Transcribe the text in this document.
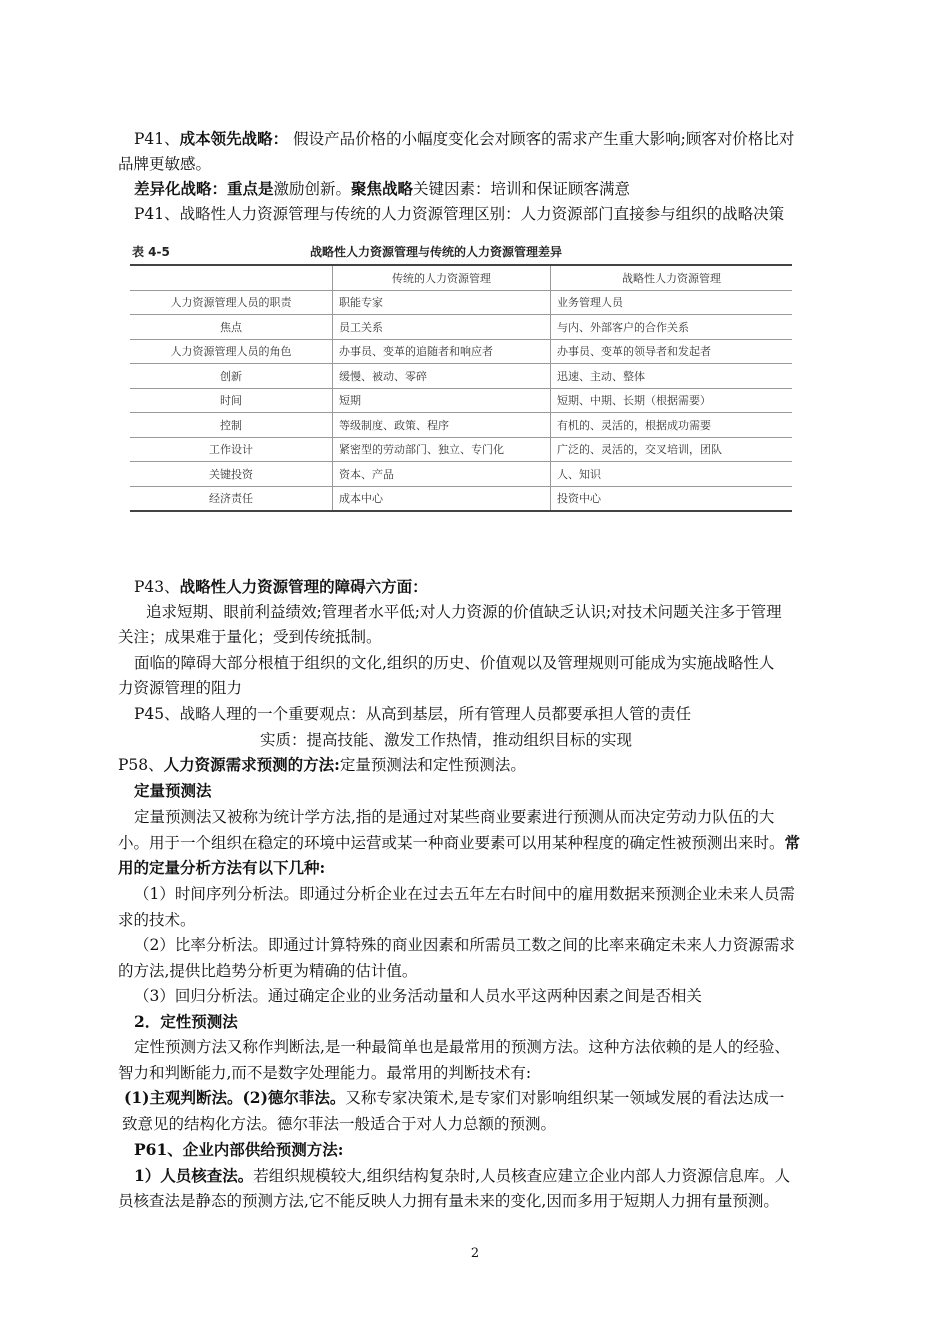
P41、成本领先战略： 假设产品价格的小幅度变化会对顾客的需求产生重大影响;顾客对价格比对
品牌更敏感。
差异化战略：重点是激励创新。聚焦战略关键因素：培训和保证顾客满意
P41、战略性人力资源管理与传统的人力资源管理区别：人力资源部门直接参与组织的战略决策
表 4-5	战略性人力资源管理与传统的人力资源管理差异
	传统的人力资源管理	战略性人力资源管理
人力资源管理人员的职责	职能专家	业务管理人员
焦点	员工关系	与内、外部客户的合作关系
人力资源管理人员的角色	办事员、变革的追随者和响应者	办事员、变革的领导者和发起者
创新	缓慢、被动、零碎	迅速、主动、整体
时间	短期	短期、中期、长期（根据需要）
控制	等级制度、政策、程序	有机的、灵活的，根据成功需要
工作设计	紧密型的劳动部门、独立、专门化	广泛的、灵活的，交叉培训，团队
关键投资	资本、产品	人、知识
经济责任	成本中心	投资中心
P43、战略性人力资源管理的障碍六方面：
追求短期、眼前利益绩效;管理者水平低;对人力资源的价值缺乏认识;对技术问题关注多于管理
关注；成果难于量化；受到传统抵制。
面临的障碍大部分根植于组织的文化,组织的历史、价值观以及管理规则可能成为实施战略性人
力资源管理的阻力
P45、战略人理的一个重要观点：从高到基层，所有管理人员都要承担人管的责任
实质：提高技能、激发工作热情，推动组织目标的实现
P58、人力资源需求预测的方法:定量预测法和定性预测法。
定量预测法
定量预测法又被称为统计学方法,指的是通过对某些商业要素进行预测从而决定劳动力队伍的大
小。用于一个组织在稳定的环境中运营或某一种商业要素可以用某种程度的确定性被预测出来时。常
用的定量分析方法有以下几种:
（1）时间序列分析法。即通过分析企业在过去五年左右时间中的雇用数据来预测企业未来人员需
求的技术。
（2）比率分析法。即通过计算特殊的商业因素和所需员工数之间的比率来确定未来人力资源需求
的方法,提供比趋势分析更为精确的估计值。
（3）回归分析法。通过确定企业的业务活动量和人员水平这两种因素之间是否相关
2．定性预测法
定性预测方法又称作判断法,是一种最简单也是最常用的预测方法。这种方法依赖的是人的经验、
智力和判断能力,而不是数字处理能力。最常用的判断技术有:
(1)主观判断法。(2)德尔菲法。又称专家决策术,是专家们对影响组织某一领域发展的看法达成一
致意见的结构化方法。德尔菲法一般适合于对人力总额的预测。
P61、企业内部供给预测方法:
1）人员核查法。若组织规模较大,组织结构复杂时,人员核查应建立企业内部人力资源信息库。人
员核查法是静态的预测方法,它不能反映人力拥有量未来的变化,因而多用于短期人力拥有量预测。
2
